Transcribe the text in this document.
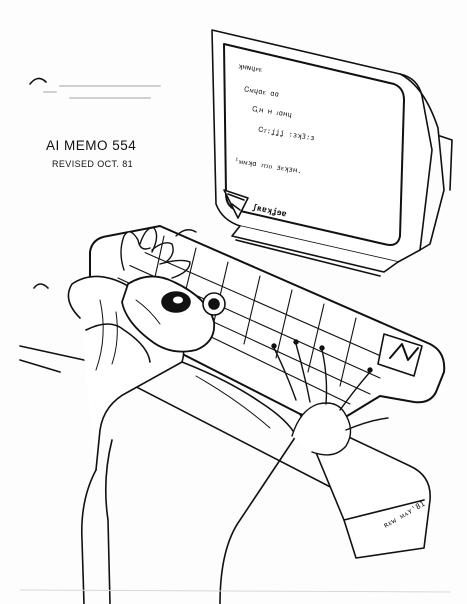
ʞʜɴɥᴘᴇ
Ꮯᴍɥɑᴇ ɑɑ
Ꮹʜ ʜ ᴊɑʜɥ
Ꮯᴛ:ʝʝʝ :ɜʞ3:ɜ
ᴵᴍᴍʞɑ ᴊᴛᴊᴏ ɜᴇʞɜʜ.
ʃʀɐʞʝɘɐ
AI MEMO 554
REVISED OCT. 81
ʀᴇw ᴍᴀʏ'81
